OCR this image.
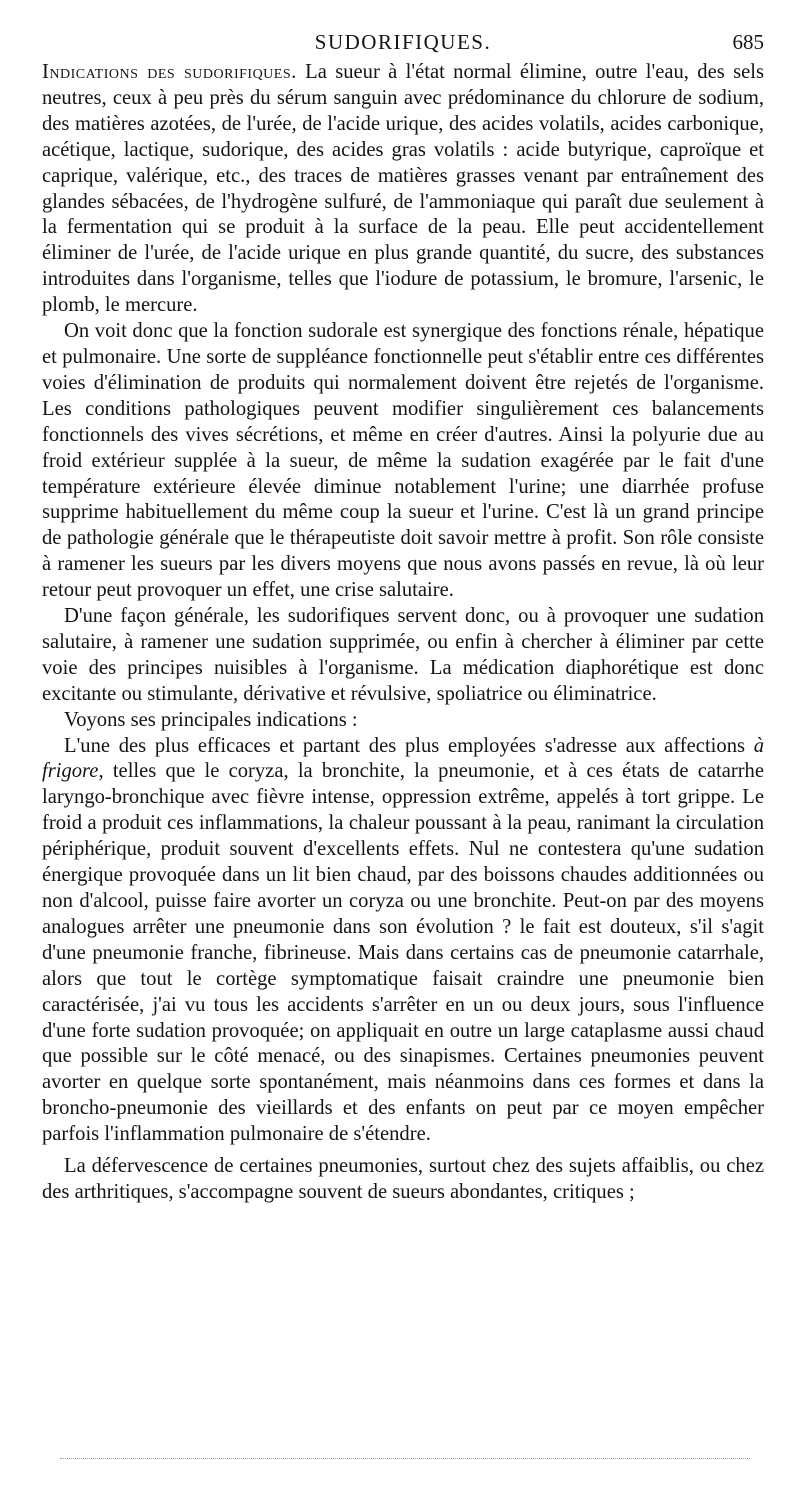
SUDORIFIQUES.	685

Indications des sudorifiques. La sueur à l'état normal élimine, outre l'eau, des sels neutres, ceux à peu près du sérum sanguin avec prédominance du chlorure de sodium, des matières azotées, de l'urée, de l'acide urique, des acides volatils, acides carbonique, acétique, lactique, sudorique, des acides gras volatils : acide butyrique, caproïque et caprique, valérique, etc., des traces de matières grasses venant par entraînement des glandes sébacées, de l'hydrogène sulfuré, de l'ammoniaque qui paraît due seulement à la fermentation qui se produit à la surface de la peau. Elle peut accidentellement éliminer de l'urée, de l'acide urique en plus grande quantité, du sucre, des substances introduites dans l'organisme, telles que l'iodure de potassium, le bromure, l'arsenic, le plomb, le mercure.

On voit donc que la fonction sudorale est synergique des fonctions rénale, hépatique et pulmonaire. Une sorte de suppléance fonctionnelle peut s'établir entre ces différentes voies d'élimination de produits qui normalement doivent être rejetés de l'organisme. Les conditions pathologiques peuvent modifier singulièrement ces balancements fonctionnels des vives sécrétions, et même en créer d'autres. Ainsi la polyurie due au froid extérieur supplée à la sueur, de même la sudation exagérée par le fait d'une température extérieure élevée diminue notablement l'urine; une diarrhée profuse supprime habituellement du même coup la sueur et l'urine. C'est là un grand principe de pathologie générale que le thérapeutiste doit savoir mettre à profit. Son rôle consiste à ramener les sueurs par les divers moyens que nous avons passés en revue, là où leur retour peut provoquer un effet, une crise salutaire.

D'une façon générale, les sudorifiques servent donc, ou à provoquer une sudation salutaire, à ramener une sudation supprimée, ou enfin à chercher à éliminer par cette voie des principes nuisibles à l'organisme. La médication diaphorétique est donc excitante ou stimulante, dérivative et révulsive, spoliatrice ou éliminatrice.

Voyons ses principales indications :

L'une des plus efficaces et partant des plus employées s'adresse aux affections à frigore, telles que le coryza, la bronchite, la pneumonie, et à ces états de catarrhe laryngo-bronchique avec fièvre intense, oppression extrême, appelés à tort grippe. Le froid a produit ces inflammations, la chaleur poussant à la peau, ranimant la circulation périphérique, produit souvent d'excellents effets. Nul ne contestera qu'une sudation énergique provoquée dans un lit bien chaud, par des boissons chaudes additionnées ou non d'alcool, puisse faire avorter un coryza ou une bronchite. Peut-on par des moyens analogues arrêter une pneumonie dans son évolution ? le fait est douteux, s'il s'agit d'une pneumonie franche, fibrineuse. Mais dans certains cas de pneumonie catarrhale, alors que tout le cortège symptomatique faisait craindre une pneumonie bien caractérisée, j'ai vu tous les accidents s'arrêter en un ou deux jours, sous l'influence d'une forte sudation provoquée; on appliquait en outre un large cataplasme aussi chaud que possible sur le côté menacé, ou des sinapismes. Certaines pneumonies peuvent avorter en quelque sorte spontanément, mais néanmoins dans ces formes et dans la broncho-pneumonie des vieillards et des enfants on peut par ce moyen empêcher parfois l'inflammation pulmonaire de s'étendre.

La défervescence de certaines pneumonies, surtout chez des sujets affaiblis, ou chez des arthritiques, s'accompagne souvent de sueurs abondantes, critiques ;
